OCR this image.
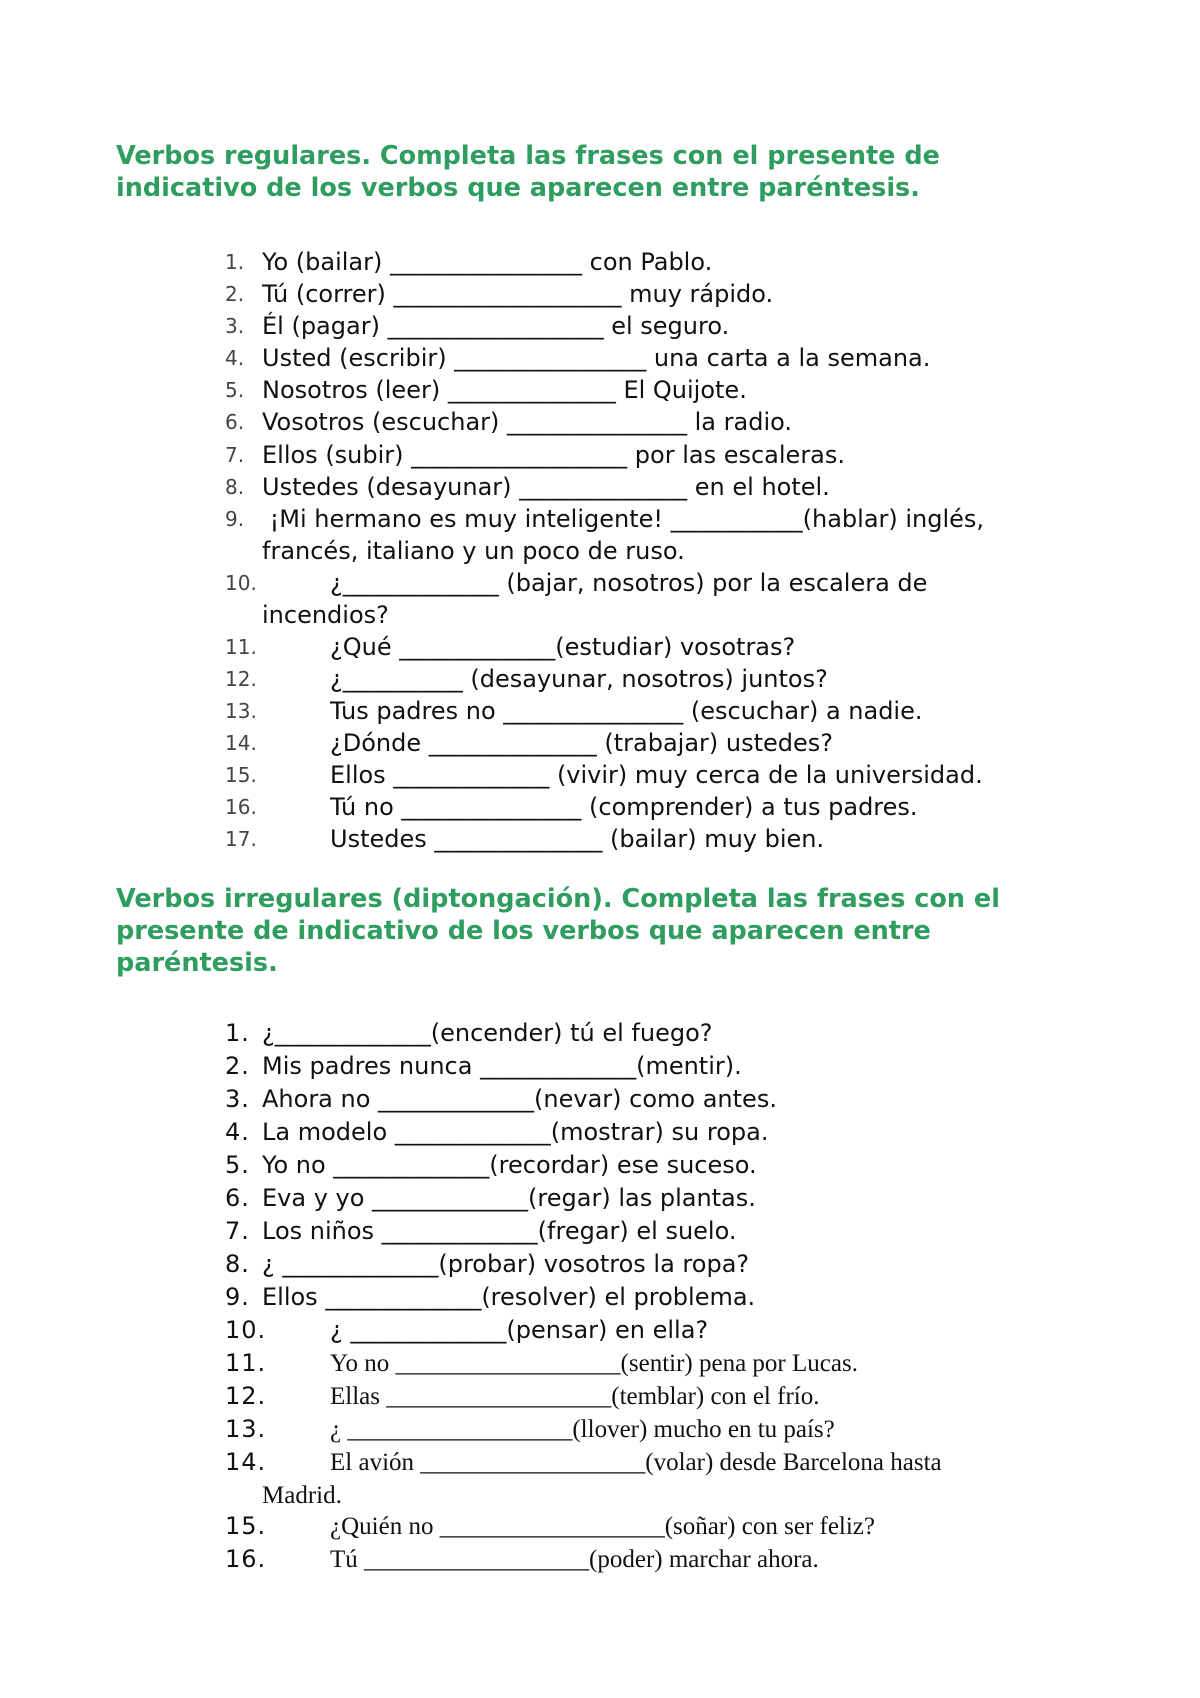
Verbos regulares. Completa las frases con el presente de
indicativo de los verbos que aparecen entre paréntesis.
1. Yo (bailar) ________________ con Pablo.
2. Tú (correr) ___________________ muy rápido.
3. Él (pagar) __________________ el seguro.
4. Usted (escribir) ________________ una carta a la semana.
5. Nosotros (leer) ______________ El Quijote.
6. Vosotros (escuchar) _______________ la radio.
7. Ellos (subir) __________________ por las escaleras.
8. Ustedes (desayunar) ______________ en el hotel.
9. ¡Mi hermano es muy inteligente! ___________(hablar) inglés,
francés, italiano y un poco de ruso.
10.	¿_____________ (bajar, nosotros) por la escalera de
incendios?
11.	¿Qué _____________(estudiar) vosotras?
12.	¿__________ (desayunar, nosotros) juntos?
13.	Tus padres no _______________ (escuchar) a nadie.
14.	¿Dónde ______________ (trabajar) ustedes?
15.	Ellos _____________ (vivir) muy cerca de la universidad.
16.	Tú no _______________ (comprender) a tus padres.
17.	Ustedes ______________ (bailar) muy bien.
Verbos irregulares (diptongación). Completa las frases con el
presente de indicativo de los verbos que aparecen entre
paréntesis.
1. ¿_____________(encender) tú el fuego?
2. Mis padres nunca _____________(mentir).
3. Ahora no _____________(nevar) como antes.
4. La modelo _____________(mostrar) su ropa.
5. Yo no _____________(recordar) ese suceso.
6. Eva y yo _____________(regar) las plantas.
7. Los niños _____________(fregar) el suelo.
8. ¿ _____________(probar) vosotros la ropa?
9. Ellos _____________(resolver) el problema.
10.	¿ _____________(pensar) en ella?
11.	Yo no __________________(sentir) pena por Lucas.
12.	Ellas __________________(temblar) con el frío.
13.	¿ __________________(llover) mucho en tu país?
14.	El avión __________________(volar) desde Barcelona hasta
Madrid.
15.	¿Quién no __________________(soñar) con ser feliz?
16.	Tú __________________(poder) marchar ahora.
